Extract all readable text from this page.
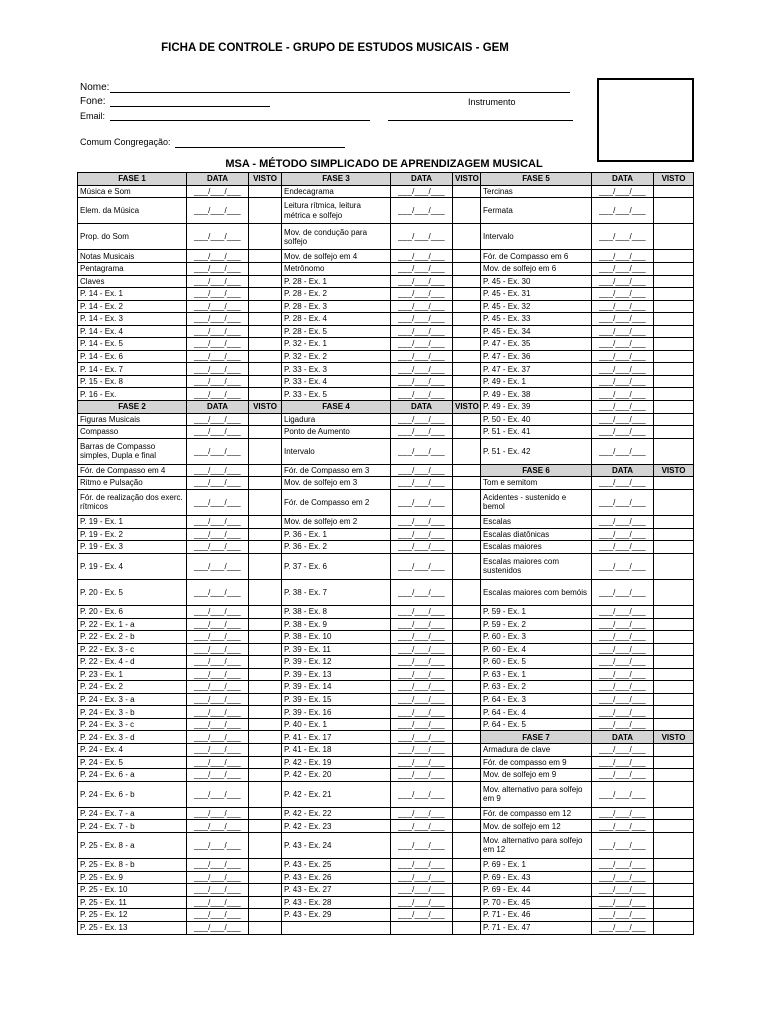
FICHA DE CONTROLE - GRUPO DE ESTUDOS MUSICAIS - GEM
Nome:
Fone:	Instrumento
Email:
Comum Congregação:
MSA - MÉTODO SIMPLICADO DE APRENDIZAGEM MUSICAL
FASE 1	DATA	VISTO	FASE 3	DATA	VISTO	FASE 5	DATA	VISTO
Música e Som	___/___/___		Endecagrama	___/___/___		Tercinas	___/___/___	
Elem. da Música	___/___/___		Leitura rítmica, leitura métrica e solfejo	___/___/___		Fermata	___/___/___	
Prop. do Som	___/___/___		Mov. de condução para solfejo	___/___/___		Intervalo	___/___/___	
Notas Musicais	___/___/___		Mov. de solfejo em 4	___/___/___		Fór. de Compasso em 6	___/___/___	
Pentagrama	___/___/___		Metrônomo	___/___/___		Mov. de solfejo em 6	___/___/___	
Claves	___/___/___		P. 28 - Ex. 1	___/___/___		P. 45 - Ex. 30	___/___/___	
P. 14 - Ex. 1	___/___/___		P. 28 - Ex. 2	___/___/___		P. 45 - Ex. 31	___/___/___	
P. 14 - Ex. 2	___/___/___		P. 28 - Ex. 3	___/___/___		P. 45 - Ex. 32	___/___/___	
P. 14 - Ex. 3	___/___/___		P. 28 - Ex. 4	___/___/___		P. 45 - Ex. 33	___/___/___	
P. 14 - Ex. 4	___/___/___		P. 28 - Ex. 5	___/___/___		P. 45 - Ex. 34	___/___/___	
P. 14 - Ex. 5	___/___/___		P. 32 - Ex. 1	___/___/___		P. 47 - Ex. 35	___/___/___	
P. 14 - Ex. 6	___/___/___		P. 32 - Ex. 2	___/___/___		P. 47 - Ex. 36	___/___/___	
P. 14 - Ex. 7	___/___/___		P. 33 - Ex. 3	___/___/___		P. 47 - Ex. 37	___/___/___	
P. 15 - Ex. 8	___/___/___		P. 33 - Ex. 4	___/___/___		P. 49 - Ex. 1	___/___/___	
P. 16 - Ex.	___/___/___		P. 33 - Ex. 5	___/___/___		P. 49 - Ex. 38	___/___/___	
FASE 2	DATA	VISTO	FASE 4	DATA	VISTO	P. 49 - Ex. 39	___/___/___	
Figuras Musicais	___/___/___		Ligadura	___/___/___		P. 50 - Ex. 40	___/___/___	
Compasso	___/___/___		Ponto de Aumento	___/___/___		P. 51 - Ex. 41	___/___/___	
Barras de Compasso simples, Dupla e final	___/___/___		Intervalo	___/___/___		P. 51 - Ex. 42	___/___/___	
Fór. de Compasso em 4	___/___/___		Fór. de Compasso em 3	___/___/___		FASE 6	DATA	VISTO
Ritmo e Pulsação	___/___/___		Mov. de solfejo em 3	___/___/___		Tom e semitom	___/___/___	
Fór. de realização dos exerc. rítmicos	___/___/___		Fór. de Compasso em 2	___/___/___		Acidentes - sustenido e bemol	___/___/___	
P. 19 - Ex. 1	___/___/___		Mov. de solfejo em 2	___/___/___		Escalas	___/___/___	
P. 19 - Ex. 2	___/___/___		P. 36 - Ex. 1	___/___/___		Escalas diatônicas	___/___/___	
P. 19 - Ex. 3	___/___/___		P. 36 - Ex. 2	___/___/___		Escalas maiores	___/___/___	
P. 19 - Ex. 4	___/___/___		P. 37 - Ex. 6	___/___/___		Escalas maiores com sustenidos	___/___/___	
P. 20 - Ex. 5	___/___/___		P. 38 - Ex. 7	___/___/___		Escalas maiores com bemóis	___/___/___	
P. 20 - Ex. 6	___/___/___		P. 38 - Ex. 8	___/___/___		P. 59 - Ex. 1	___/___/___	
P. 22 - Ex. 1 - a	___/___/___		P. 38 - Ex. 9	___/___/___		P. 59 - Ex. 2	___/___/___	
P. 22 - Ex. 2 - b	___/___/___		P. 38 - Ex. 10	___/___/___		P. 60 - Ex. 3	___/___/___	
P. 22 - Ex. 3 - c	___/___/___		P. 39 - Ex. 11	___/___/___		P. 60 - Ex. 4	___/___/___	
P. 22 - Ex. 4 - d	___/___/___		P. 39 - Ex. 12	___/___/___		P. 60 - Ex. 5	___/___/___	
P. 23 - Ex. 1	___/___/___		P. 39 - Ex. 13	___/___/___		P. 63 - Ex. 1	___/___/___	
P. 24 - Ex. 2	___/___/___		P. 39 - Ex. 14	___/___/___		P. 63 - Ex. 2	___/___/___	
P. 24 - Ex. 3 - a	___/___/___		P. 39 - Ex. 15	___/___/___		P. 64 - Ex. 3	___/___/___	
P. 24 - Ex. 3 - b	___/___/___		P. 39 - Ex. 16	___/___/___		P. 64 - Ex. 4	___/___/___	
P. 24 - Ex. 3 - c	___/___/___		P. 40 - Ex. 1	___/___/___		P. 64 - Ex. 5	___/___/___	
P. 24 - Ex. 3 - d	___/___/___		P. 41 - Ex. 17	___/___/___		FASE 7	DATA	VISTO
P. 24 - Ex. 4	___/___/___		P. 41 - Ex. 18	___/___/___		Armadura de clave	___/___/___	
P. 24 - Ex. 5	___/___/___		P. 42 - Ex. 19	___/___/___		Fór. de compasso em 9	___/___/___	
P. 24 - Ex. 6 - a	___/___/___		P. 42 - Ex. 20	___/___/___		Mov. de solfejo em 9	___/___/___	
P. 24 - Ex. 6 - b	___/___/___		P. 42 - Ex. 21	___/___/___		Mov. alternativo para solfejo em 9	___/___/___	
P. 24 - Ex. 7 - a	___/___/___		P. 42 - Ex. 22	___/___/___		Fór. de compasso em 12	___/___/___	
P. 24 - Ex. 7 - b	___/___/___		P. 42 - Ex. 23	___/___/___		Mov. de solfejo em 12	___/___/___	
P. 25 - Ex. 8 - a	___/___/___		P. 43 - Ex. 24	___/___/___		Mov. alternativo para solfejo em 12	___/___/___	
P. 25 - Ex. 8 - b	___/___/___		P. 43 - Ex. 25	___/___/___		P. 69 - Ex. 1	___/___/___	
P. 25 - Ex. 9	___/___/___		P. 43 - Ex. 26	___/___/___		P. 69 - Ex. 43	___/___/___	
P. 25 - Ex. 10	___/___/___		P. 43 - Ex. 27	___/___/___		P. 69 - Ex. 44	___/___/___	
P. 25 - Ex. 11	___/___/___		P. 43 - Ex. 28	___/___/___		P. 70 - Ex. 45	___/___/___	
P. 25 - Ex. 12	___/___/___		P. 43 - Ex. 29	___/___/___		P. 71 - Ex. 46	___/___/___	
P. 25 - Ex. 13	___/___/___					P. 71 - Ex. 47	___/___/___	
